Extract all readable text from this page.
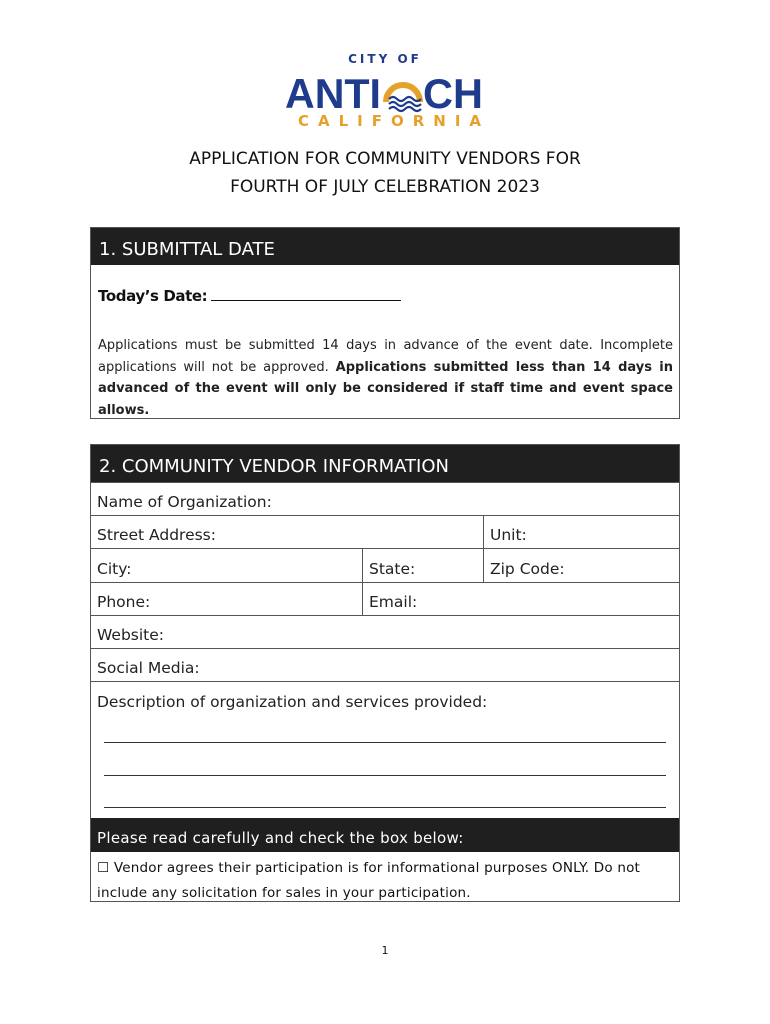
CITY OF
ANTI CH
CALIFORNIA
APPLICATION FOR COMMUNITY VENDORS FOR
FOURTH OF JULY CELEBRATION 2023
1. SUBMITTAL DATE
Today’s Date:
Applications must be submitted 14 days in advance of the event date. Incomplete applications will not be approved. Applications submitted less than 14 days in advanced of the event will only be considered if staff time and event space allows.
2. COMMUNITY VENDOR INFORMATION
Name of Organization:
Street Address:	Unit:
City:	State:	Zip Code:
Phone:	Email:
Website:
Social Media:
Description of organization and services provided:
Please read carefully and check the box below:
☐ Vendor agrees their participation is for informational purposes ONLY. Do not include any solicitation for sales in your participation.
1
